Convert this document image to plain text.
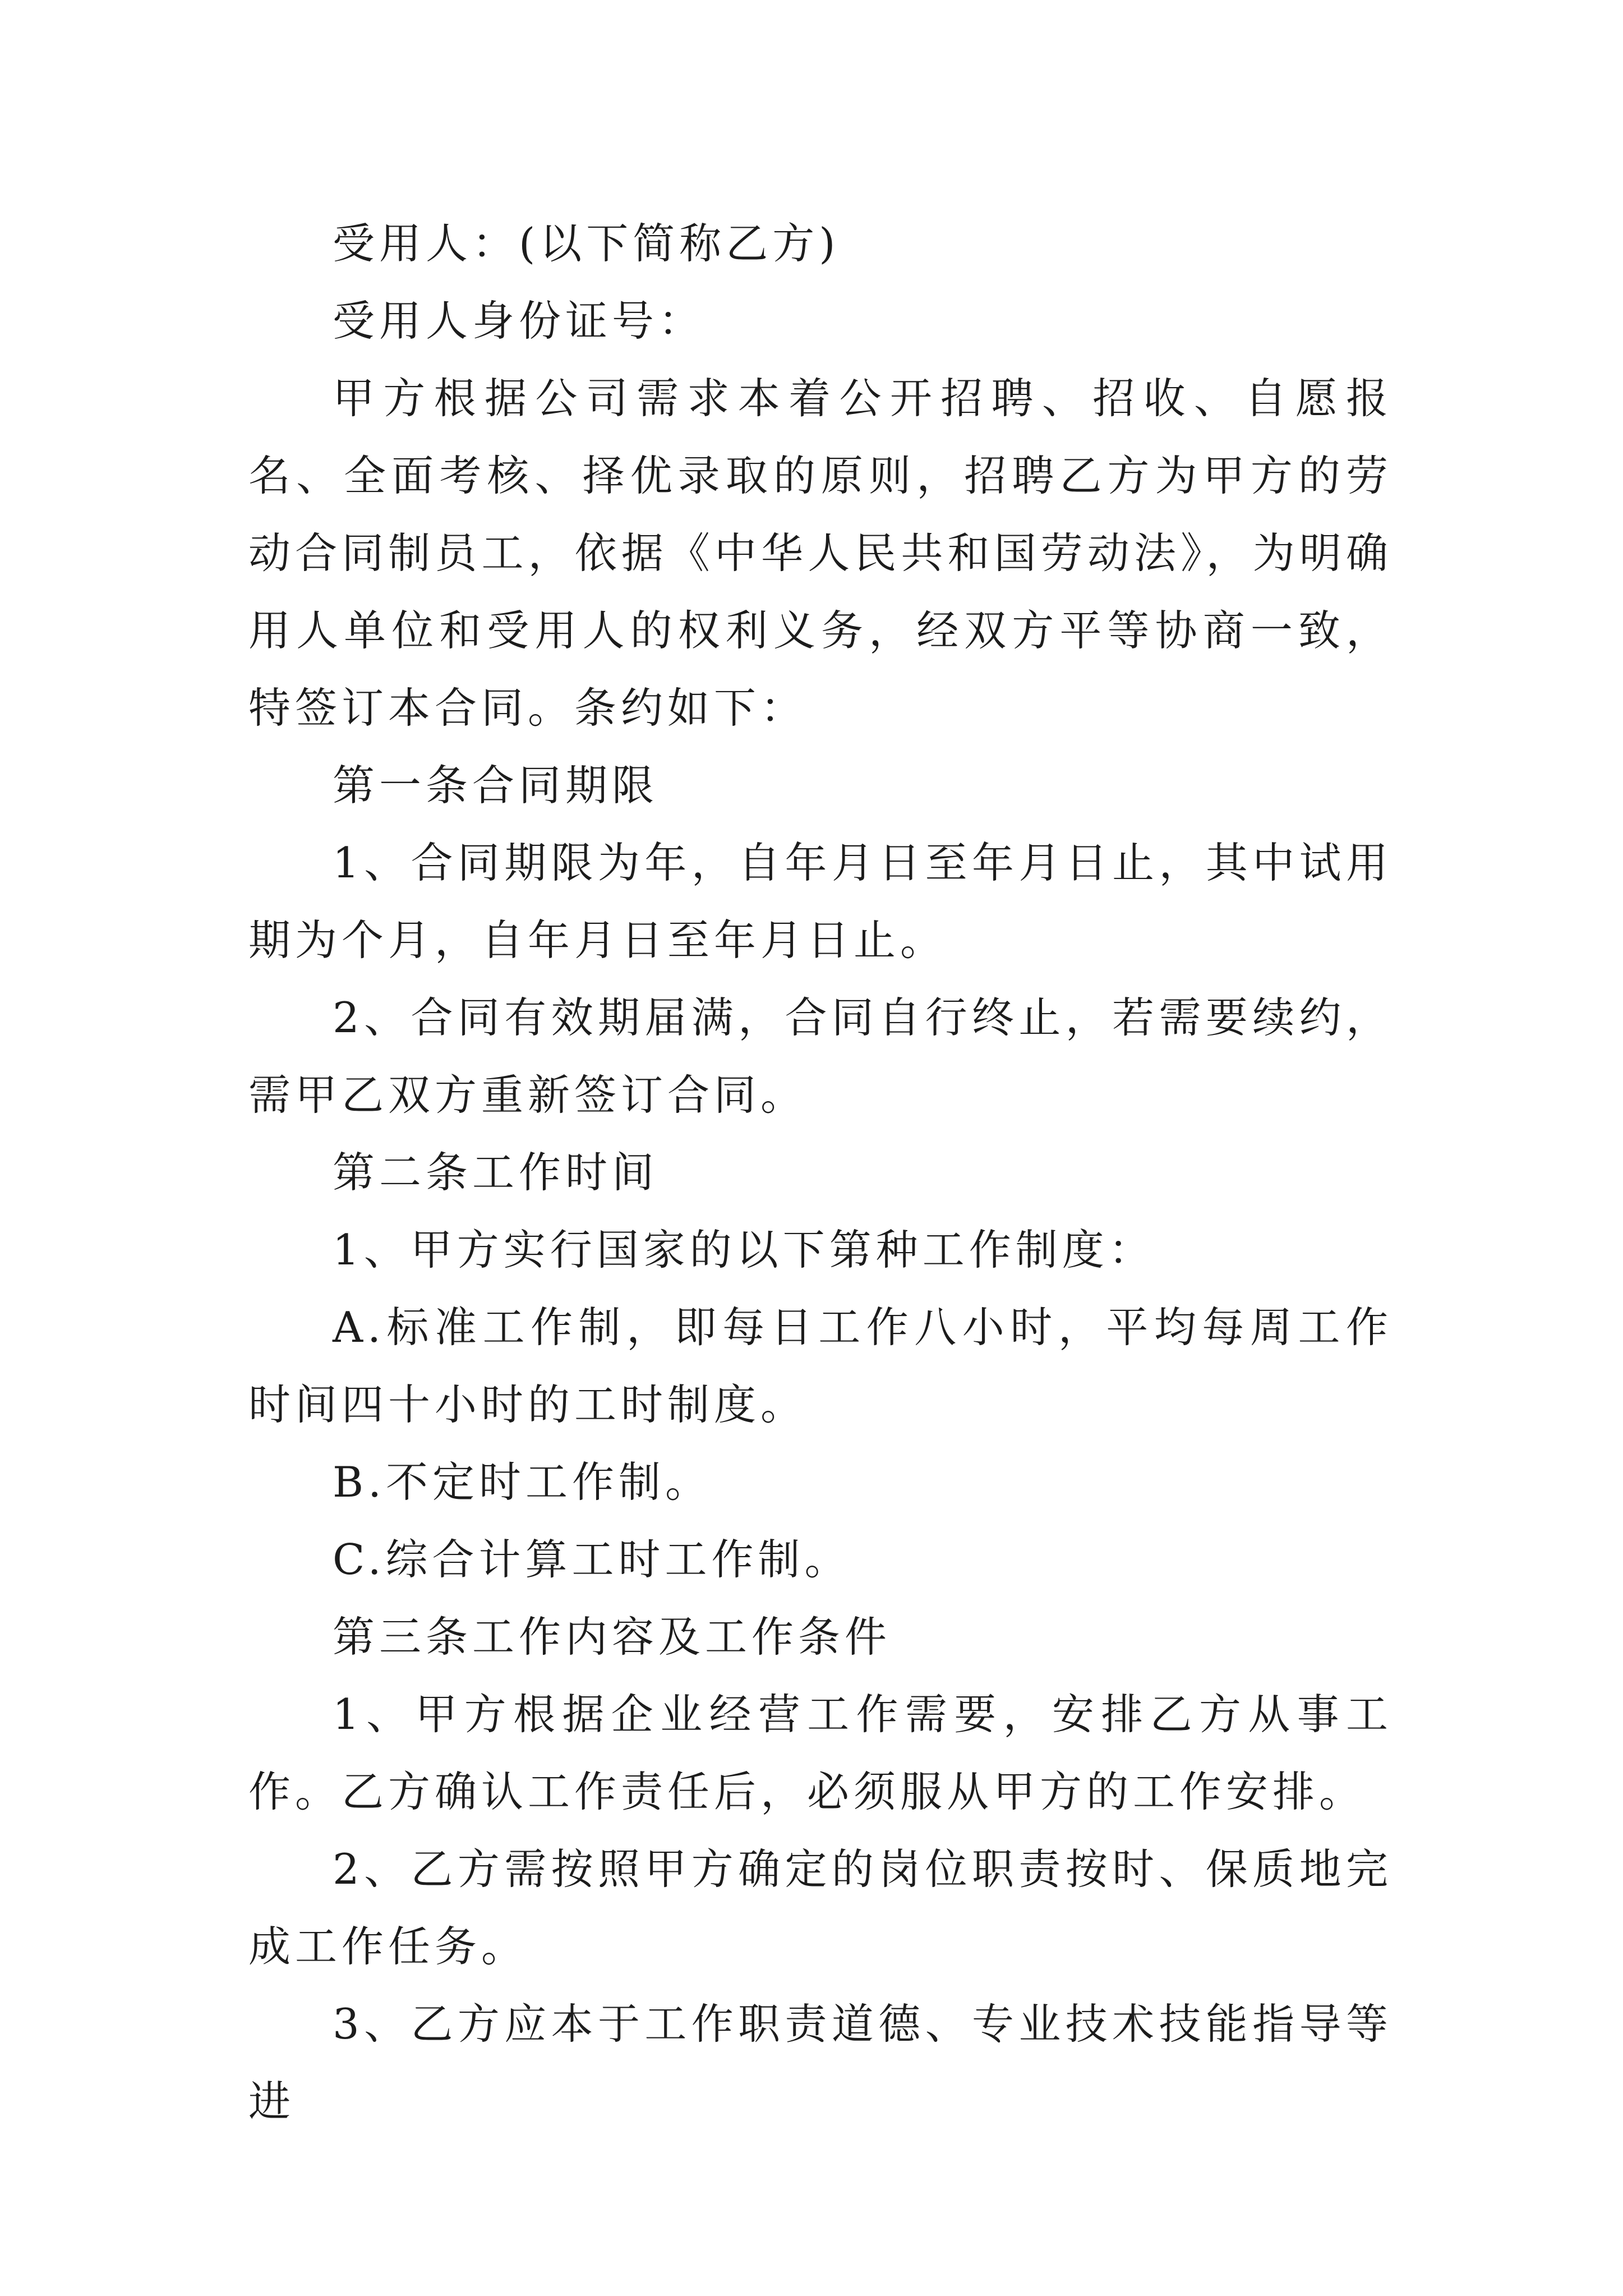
受用人：(以下简称乙方)

受用人身份证号：

甲方根据公司需求本着公开招聘、招收、自愿报名、全面考核、择优录取的原则，招聘乙方为甲方的劳动合同制员工，依据《中华人民共和国劳动法》，为明确用人单位和受用人的权利义务，经双方平等协商一致，特签订本合同。条约如下：

第一条合同期限

1、合同期限为年，自年月日至年月日止，其中试用期为个月，自年月日至年月日止。

2、合同有效期届满，合同自行终止，若需要续约，需甲乙双方重新签订合同。

第二条工作时间

1、甲方实行国家的以下第种工作制度：

A.标准工作制，即每日工作八小时，平均每周工作时间四十小时的工时制度。

B.不定时工作制。

C.综合计算工时工作制。

第三条工作内容及工作条件

1、甲方根据企业经营工作需要，安排乙方从事工作。乙方确认工作责任后，必须服从甲方的工作安排。

2、乙方需按照甲方确定的岗位职责按时、保质地完成工作任务。

3、乙方应本于工作职责道德、专业技术技能指导等进
